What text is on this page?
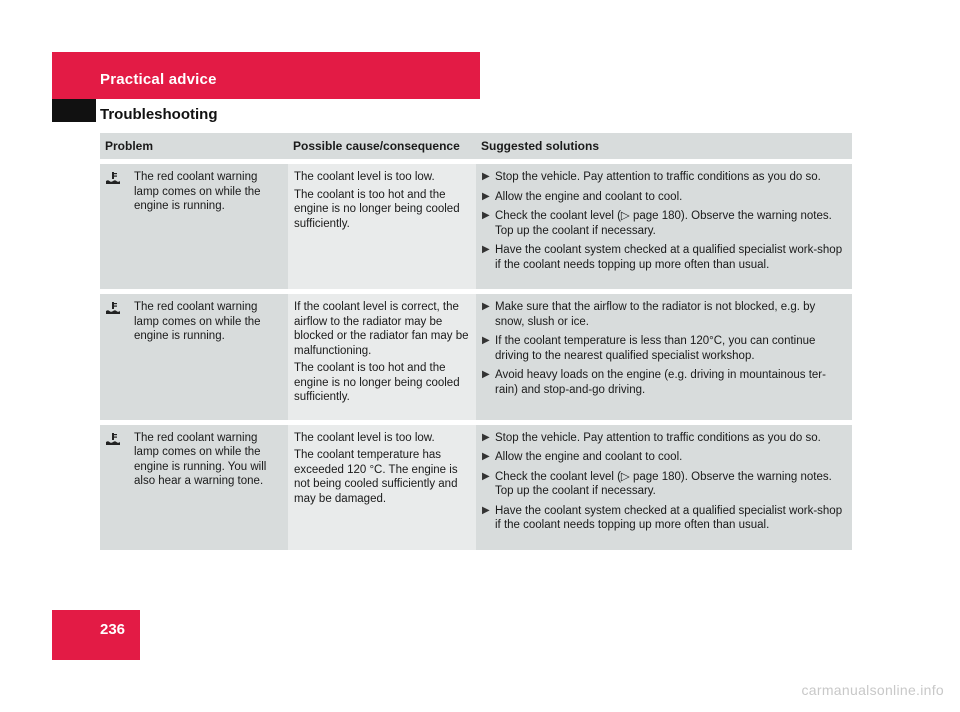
Practical advice
Troubleshooting
Problem	Possible cause/consequence	Suggested solutions
The red coolant warning lamp comes on while the engine is running.

The coolant level is too low.

The coolant is too hot and the engine is no longer being cooled sufficiently.

▶ Stop the vehicle. Pay attention to traffic conditions as you do so.
▶ Allow the engine and coolant to cool.
▶ Check the coolant level (▷ page 180). Observe the warning notes. Top up the coolant if necessary.
▶ Have the coolant system checked at a qualified specialist work-shop if the coolant needs topping up more often than usual.
The red coolant warning lamp comes on while the engine is running.

If the coolant level is correct, the airflow to the radiator may be blocked or the radiator fan may be malfunctioning.

The coolant is too hot and the engine is no longer being cooled sufficiently.

▶ Make sure that the airflow to the radiator is not blocked, e.g. by snow, slush or ice.
▶ If the coolant temperature is less than 120°C, you can continue driving to the nearest qualified specialist workshop.
▶ Avoid heavy loads on the engine (e.g. driving in mountainous ter-rain) and stop-and-go driving.
The red coolant warning lamp comes on while the engine is running. You will also hear a warning tone.

The coolant level is too low.

The coolant temperature has exceeded 120 °C. The engine is not being cooled sufficiently and may be damaged.

▶ Stop the vehicle. Pay attention to traffic conditions as you do so.
▶ Allow the engine and coolant to cool.
▶ Check the coolant level (▷ page 180). Observe the warning notes. Top up the coolant if necessary.
▶ Have the coolant system checked at a qualified specialist work-shop if the coolant needs topping up more often than usual.
236
carmanualsonline.info
